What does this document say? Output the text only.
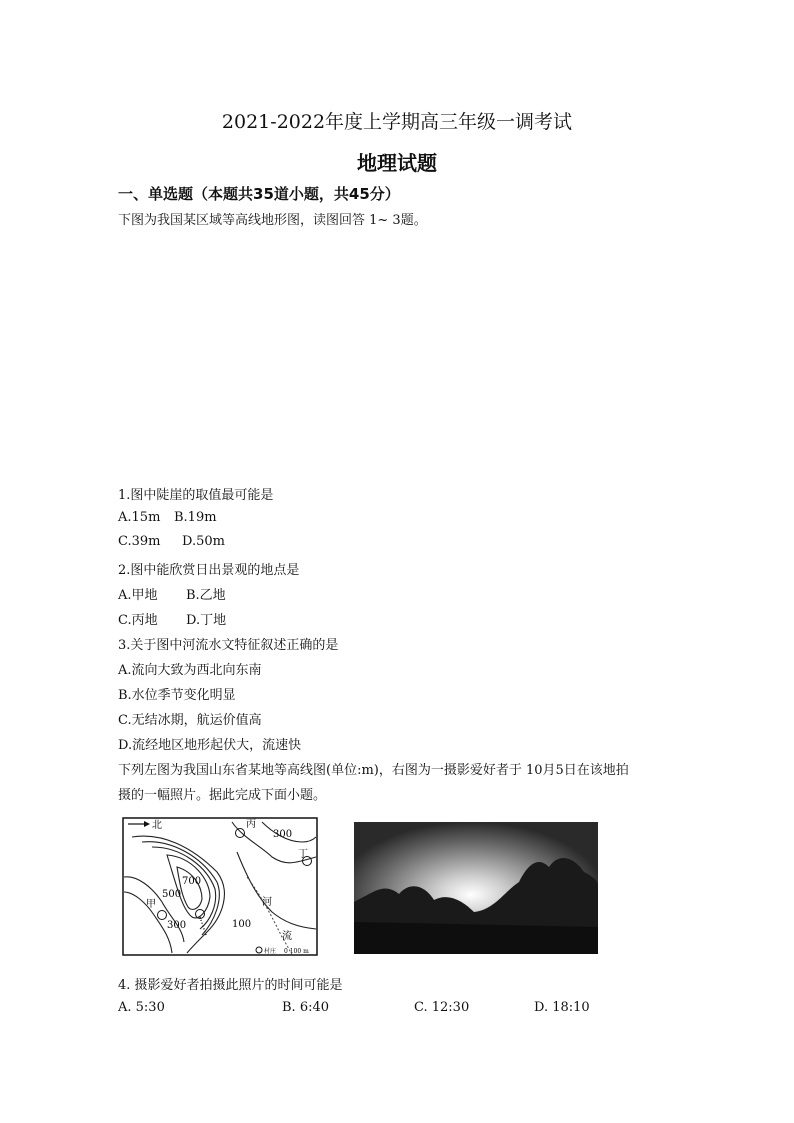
2021-2022年度上学期高三年级一调考试
地理试题
一、单选题（本题共35道小题，共45分）
下图为我国某区域等高线地形图，读图回答 1~ 3题。
1.图中陡崖的取值最可能是
A.15m B.19m
C.39m D.50m
2.图中能欣赏日出景观的地点是
A.甲地 B.乙地
C.丙地 D.丁地
3.关于图中河流水文特征叙述正确的是
A.流向大致为西北向东南
B.水位季节变化明显
C.无结冰期，航运价值高
D.流经地区地形起伏大，流速快
下列左图为我国山东省某地等高线图(单位:m)，右图为一摄影爱好者于 10月5日在该地拍
摄的一幅照片。据此完成下面小题。
北	丙
丁
甲	河
流
300
700
500
300	100
村庄 0 100 m
4. 摄影爱好者拍摄此照片的时间可能是
A. 5:30	B. 6:40	C. 12:30	D. 18:10
